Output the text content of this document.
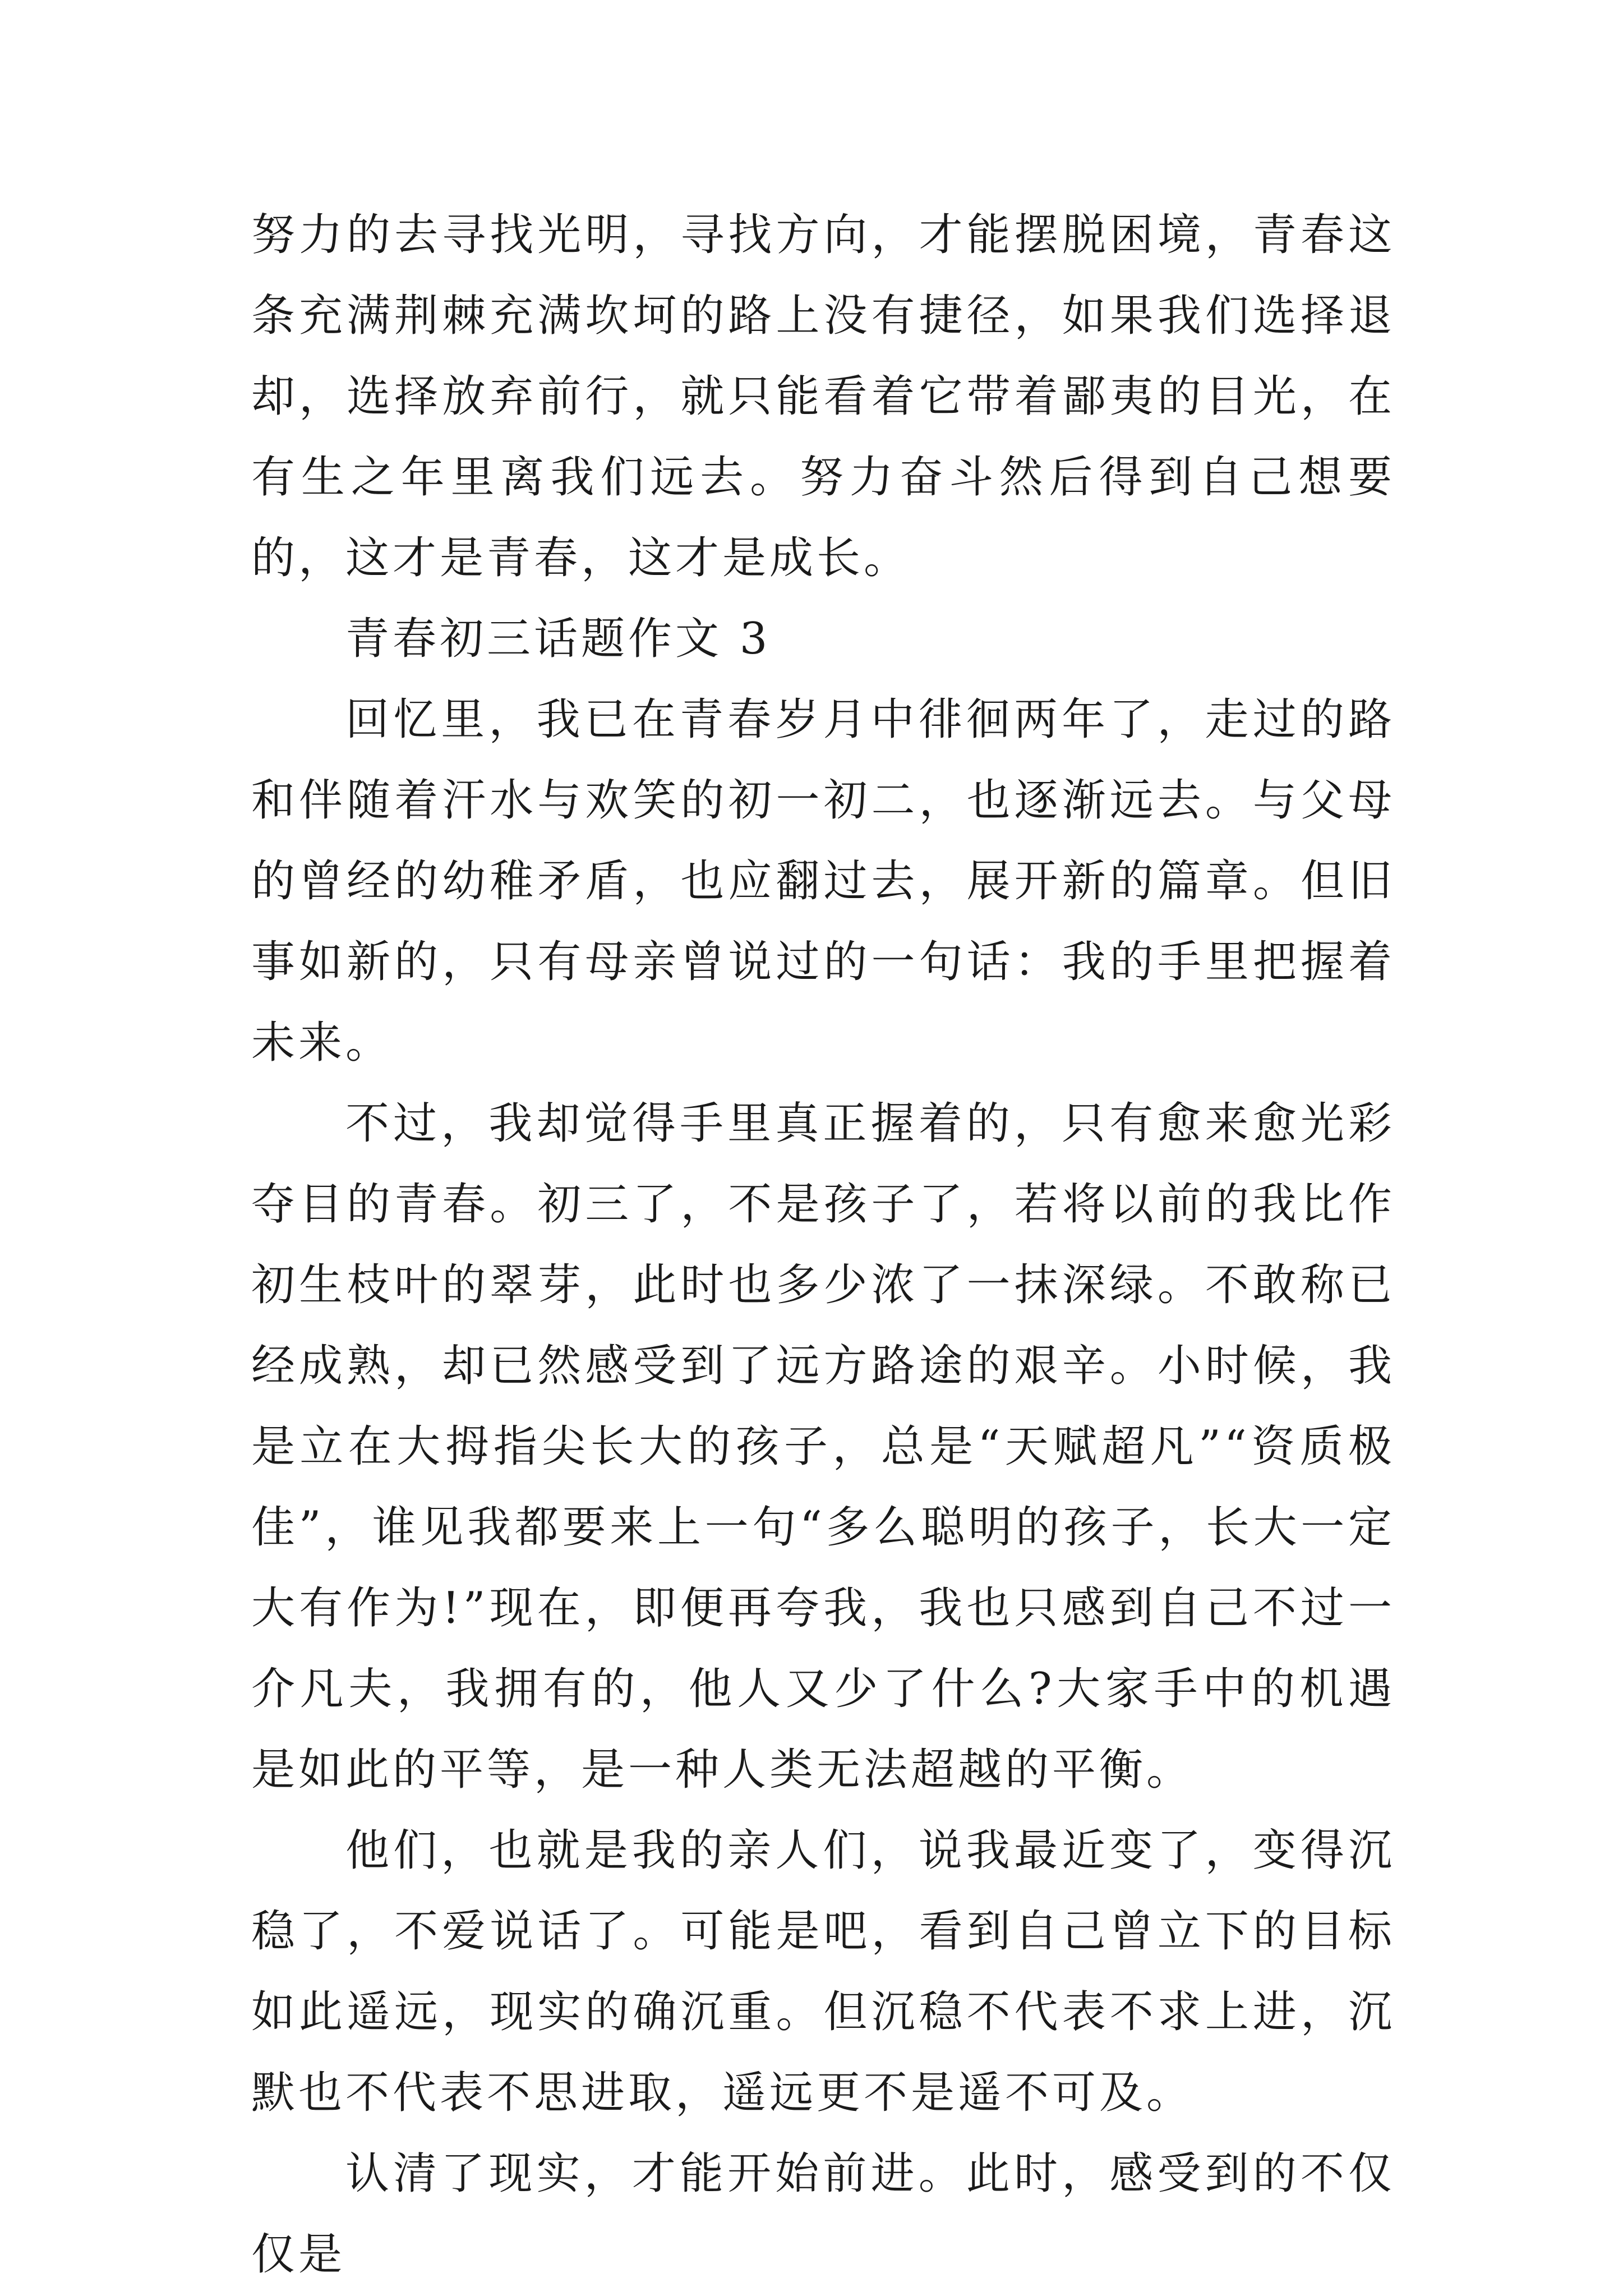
努力的去寻找光明，寻找方向，才能摆脱困境，青春这条充满荆棘充满坎坷的路上没有捷径，如果我们选择退却，选择放弃前行，就只能看着它带着鄙夷的目光，在有生之年里离我们远去。努力奋斗然后得到自己想要的，这才是青春，这才是成长。

青春初三话题作文 3

回忆里，我已在青春岁月中徘徊两年了，走过的路和伴随着汗水与欢笑的初一初二，也逐渐远去。与父母的曾经的幼稚矛盾，也应翻过去，展开新的篇章。但旧事如新的，只有母亲曾说过的一句话：我的手里把握着未来。

不过，我却觉得手里真正握着的，只有愈来愈光彩夺目的青春。初三了，不是孩子了，若将以前的我比作初生枝叶的翠芽，此时也多少浓了一抹深绿。不敢称已经成熟，却已然感受到了远方路途的艰辛。小时候，我是立在大拇指尖长大的孩子，总是“天赋超凡”“资质极佳”，谁见我都要来上一句“多么聪明的孩子，长大一定大有作为!”现在，即便再夸我，我也只感到自己不过一介凡夫，我拥有的，他人又少了什么?大家手中的机遇是如此的平等，是一种人类无法超越的平衡。

他们，也就是我的亲人们，说我最近变了，变得沉稳了，不爱说话了。可能是吧，看到自己曾立下的目标如此遥远，现实的确沉重。但沉稳不代表不求上进，沉默也不代表不思进取，遥远更不是遥不可及。

认清了现实，才能开始前进。此时，感受到的不仅仅是
